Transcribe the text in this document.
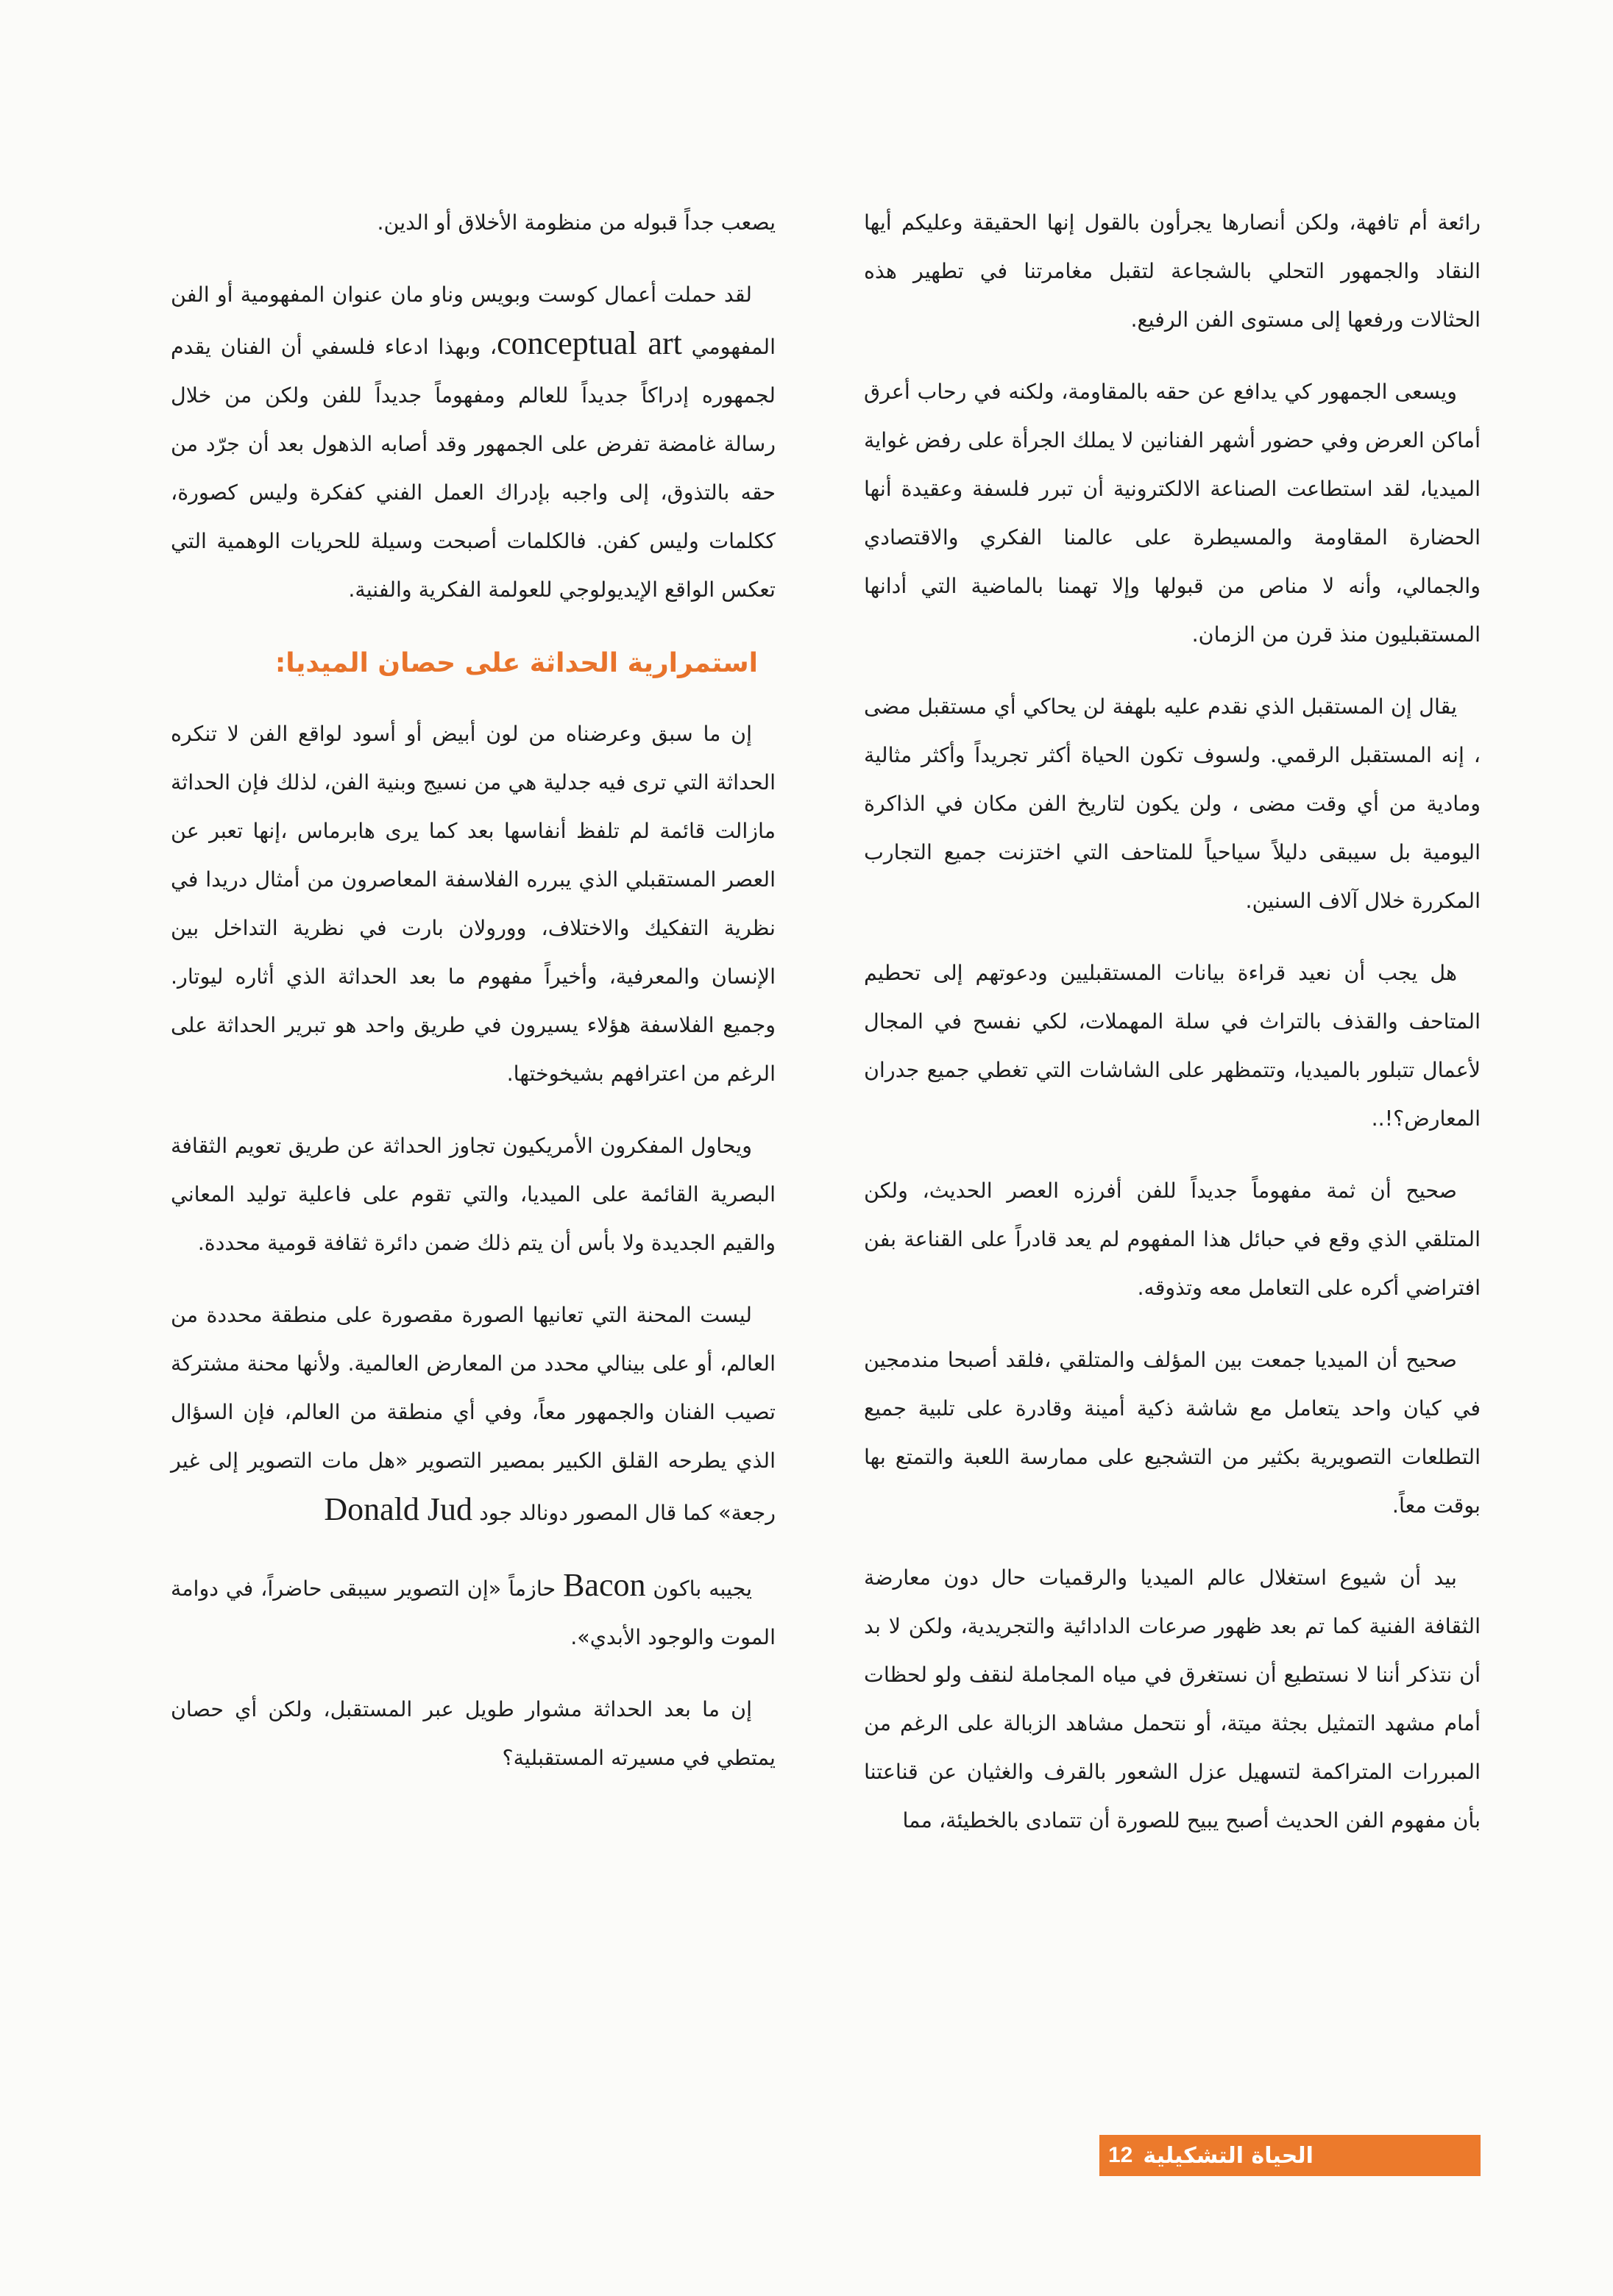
رائعة أم تافهة، ولكن أنصارها يجرأون بالقول إنها الحقيقة وعليكم أيها النقاد والجمهور التحلي بالشجاعة لتقبل مغامرتنا في تطهير هذه الحثالات ورفعها إلى مستوى الفن الرفيع.

ويسعى الجمهور كي يدافع عن حقه بالمقاومة، ولكنه في رحاب أعرق أماكن العرض وفي حضور أشهر الفنانين لا يملك الجرأة على رفض غواية الميديا، لقد استطاعت الصناعة الالكترونية أن تبرر فلسفة وعقيدة أنها الحضارة المقاومة والمسيطرة على عالمنا الفكري والاقتصادي والجمالي، وأنه لا مناص من قبولها وإلا تهمنا بالماضية التي أدانها المستقبليون منذ قرن من الزمان.

يقال إن المستقبل الذي نقدم عليه بلهفة لن يحاكي أي مستقبل مضى ، إنه المستقبل الرقمي. ولسوف تكون الحياة أكثر تجريداً وأكثر مثالية ومادية من أي وقت مضى ، ولن يكون لتاريخ الفن مكان في الذاكرة اليومية بل سيبقى دليلاً سياحياً للمتاحف التي اختزنت جميع التجارب المكررة خلال آلاف السنين.

هل يجب أن نعيد قراءة بيانات المستقبليين ودعوتهم إلى تحطيم المتاحف والقذف بالتراث في سلة المهملات، لكي نفسح في المجال لأعمال تتبلور بالميديا، وتتمظهر على الشاشات التي تغطي جميع جدران المعارض؟!..

صحيح أن ثمة مفهوماً جديداً للفن أفرزه العصر الحديث، ولكن المتلقي الذي وقع في حبائل هذا المفهوم لم يعد قادراً على القناعة بفن افتراضي أكره على التعامل معه وتذوقه.

صحيح أن الميديا جمعت بين المؤلف والمتلقي ،فلقد أصبحا مندمجين في كيان واحد يتعامل مع شاشة ذكية أمينة وقادرة على تلبية جميع التطلعات التصويرية بكثير من التشجيع على ممارسة اللعبة والتمتع بها بوقت معاً.

بيد أن شيوع استغلال عالم الميديا والرقميات حال دون معارضة الثقافة الفنية كما تم بعد ظهور صرعات الدادائية والتجريدية، ولكن لا بد أن نتذكر أننا لا نستطيع أن نستغرق في مياه المجاملة لنقف ولو لحظات أمام مشهد التمثيل بجثة ميتة، أو نتحمل مشاهد الزبالة على الرغم من المبررات المتراكمة لتسهيل عزل الشعور بالقرف والغثيان عن قناعتنا بأن مفهوم الفن الحديث أصبح يبيح للصورة أن تتمادى بالخطيئة، مما

يصعب جداً قبوله من منظومة الأخلاق أو الدين.

لقد حملت أعمال كوست وبويس وناو مان عنوان المفهومية أو الفن المفهومي conceptual art، وبهذا ادعاء فلسفي أن الفنان يقدم لجمهوره إدراكاً جديداً للعالم ومفهوماً جديداً للفن ولكن من خلال رسالة غامضة تفرض على الجمهور وقد أصابه الذهول بعد أن جرّد من حقه بالتذوق، إلى واجبه بإدراك العمل الفني كفكرة وليس كصورة، ككلمات وليس كفن. فالكلمات أصبحت وسيلة للحريات الوهمية التي تعكس الواقع الإيديولوجي للعولمة الفكرية والفنية.

استمرارية الحداثة على حصان الميديا:

إن ما سبق وعرضناه من لون أبيض أو أسود لواقع الفن لا تنكره الحداثة التي ترى فيه جدلية هي من نسيج وبنية الفن، لذلك فإن الحداثة مازالت قائمة لم تلفظ أنفاسها بعد كما يرى هابرماس ،إنها تعبر عن العصر المستقبلي الذي يبرره الفلاسفة المعاصرون من أمثال دريدا في نظرية التفكيك والاختلاف، وورولان بارت في نظرية التداخل بين الإنسان والمعرفية، وأخيراً مفهوم ما بعد الحداثة الذي أثاره ليوتار. وجميع الفلاسفة هؤلاء يسيرون في طريق واحد هو تبرير الحداثة على الرغم من اعترافهم بشيخوختها.

ويحاول المفكرون الأمريكيون تجاوز الحداثة عن طريق تعويم الثقافة البصرية القائمة على الميديا، والتي تقوم على فاعلية توليد المعاني والقيم الجديدة ولا بأس أن يتم ذلك ضمن دائرة ثقافة قومية محددة.

ليست المحنة التي تعانيها الصورة مقصورة على منطقة محددة من العالم، أو على بينالي محدد من المعارض العالمية. ولأنها محنة مشتركة تصيب الفنان والجمهور معاً، وفي أي منطقة من العالم، فإن السؤال الذي يطرحه القلق الكبير بمصير التصوير «هل مات التصوير إلى غير رجعة» كما قال المصور دونالد جود Donald Jud

يجيبه باكون Bacon حازماً «إن التصوير سيبقى حاضراً، في دوامة الموت والوجود الأبدي».

إن ما بعد الحداثة مشوار طويل عبر المستقبل، ولكن أي حصان يمتطي في مسيرته المستقبلية؟

12 الحياة التشكيلية
